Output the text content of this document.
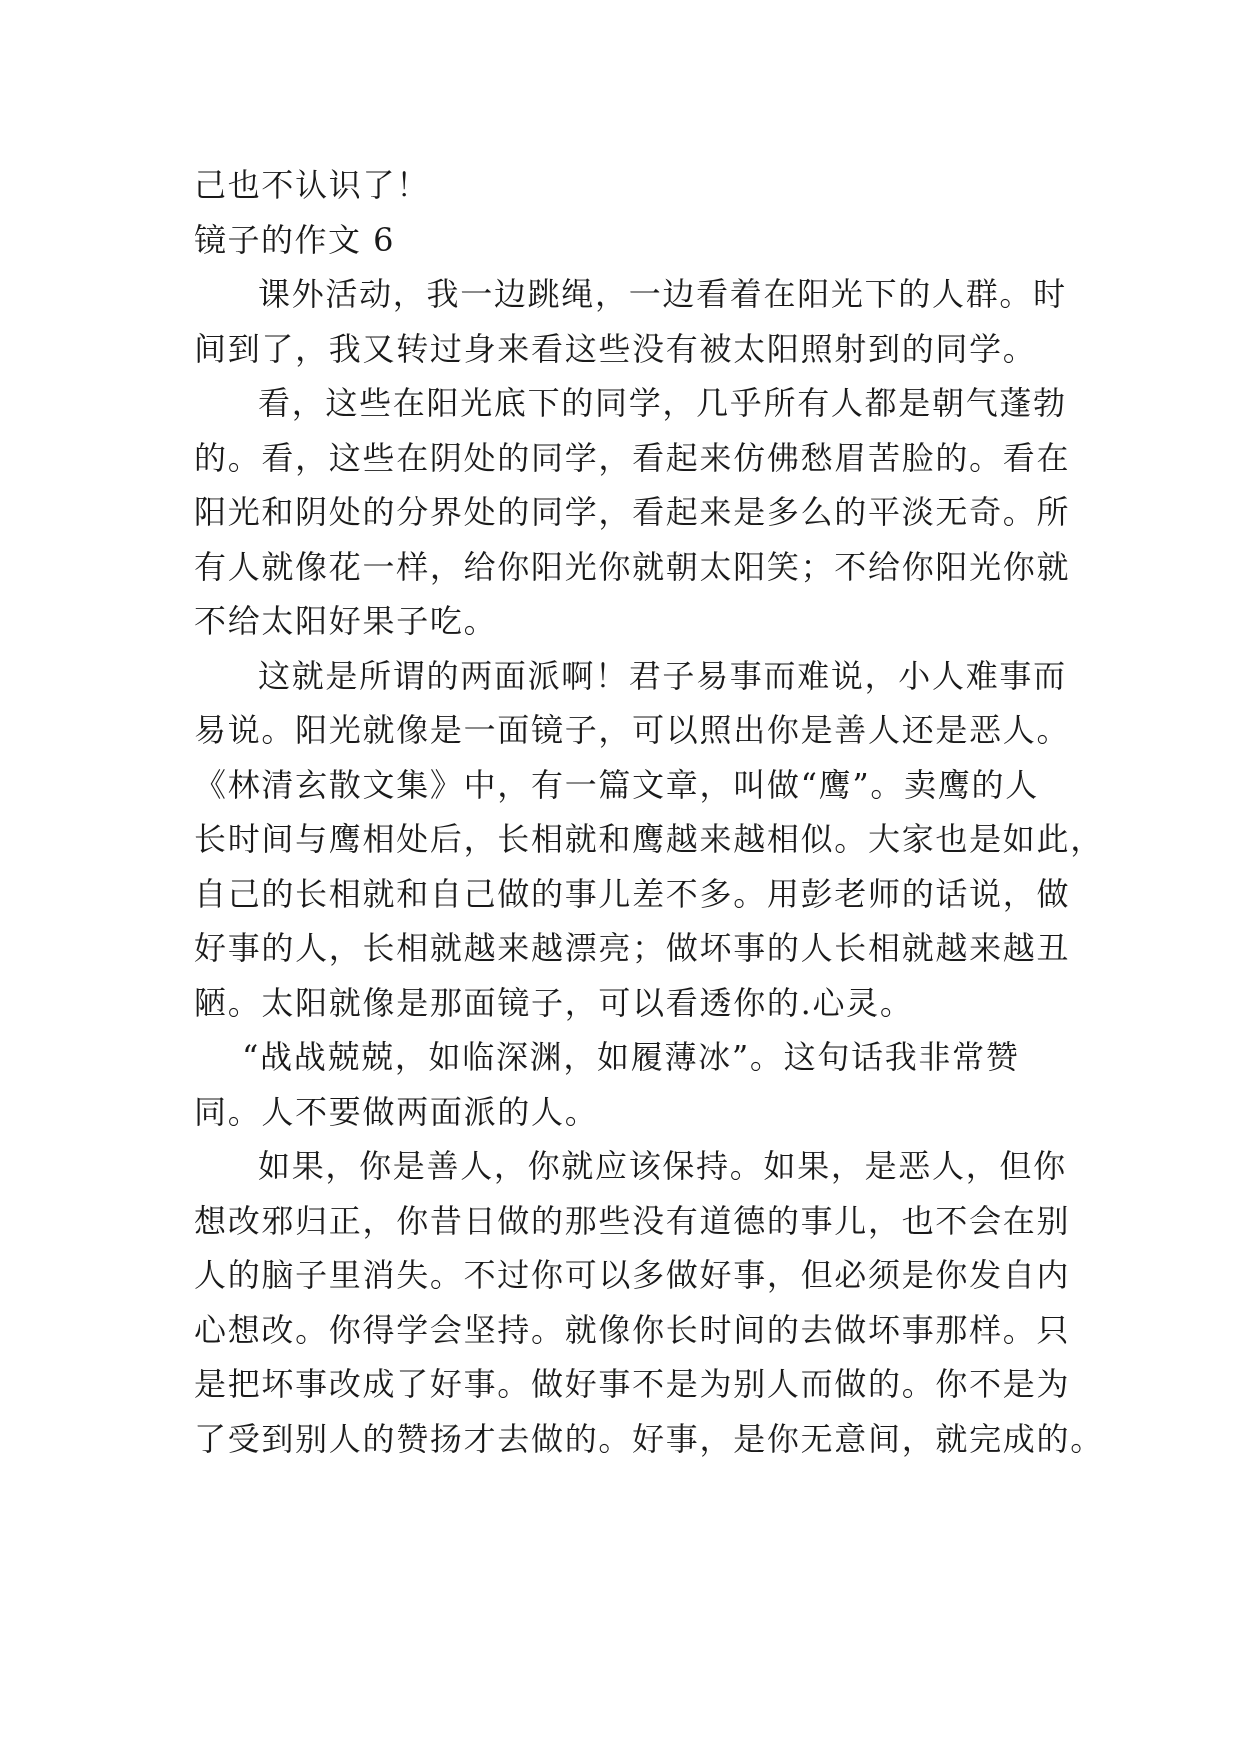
己也不认识了！
镜子的作文 6
课外活动，我一边跳绳，一边看着在阳光下的人群。时
间到了，我又转过身来看这些没有被太阳照射到的同学。
看，这些在阳光底下的同学，几乎所有人都是朝气蓬勃
的。看，这些在阴处的同学，看起来仿佛愁眉苦脸的。看在
阳光和阴处的分界处的同学，看起来是多么的平淡无奇。所
有人就像花一样，给你阳光你就朝太阳笑；不给你阳光你就
不给太阳好果子吃。
这就是所谓的两面派啊！君子易事而难说，小人难事而
易说。阳光就像是一面镜子，可以照出你是善人还是恶人。
《林清玄散文集》中，有一篇文章，叫做“鹰”。卖鹰的人
长时间与鹰相处后，长相就和鹰越来越相似。大家也是如此，
自己的长相就和自己做的事儿差不多。用彭老师的话说，做
好事的人，长相就越来越漂亮；做坏事的人长相就越来越丑
陋。太阳就像是那面镜子，可以看透你的.心灵。
“战战兢兢，如临深渊，如履薄冰”。这句话我非常赞
同。人不要做两面派的人。
如果，你是善人，你就应该保持。如果，是恶人，但你
想改邪归正，你昔日做的那些没有道德的事儿，也不会在别
人的脑子里消失。不过你可以多做好事，但必须是你发自内
心想改。你得学会坚持。就像你长时间的去做坏事那样。只
是把坏事改成了好事。做好事不是为别人而做的。你不是为
了受到别人的赞扬才去做的。好事，是你无意间，就完成的。
